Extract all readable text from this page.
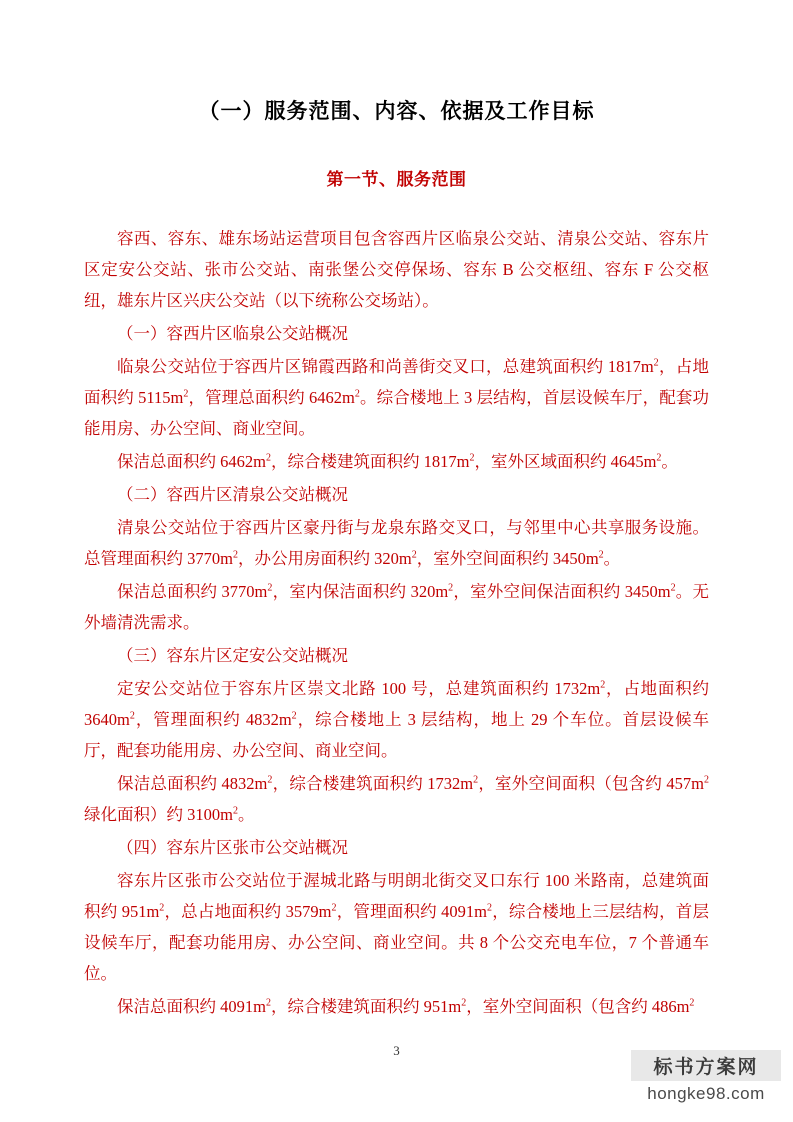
（一）服务范围、内容、依据及工作目标
第一节、服务范围

容西、容东、雄东场站运营项目包含容西片区临泉公交站、清泉公交站、容东片区定安公交站、张市公交站、南张堡公交停保场、容东 B 公交枢纽、容东 F 公交枢纽，雄东片区兴庆公交站（以下统称公交场站）。

（一）容西片区临泉公交站概况

临泉公交站位于容西片区锦霞西路和尚善街交叉口，总建筑面积约 $1817m^2$，占地面积约 $5115m^2$，管理总面积约 $6462m^2$。综合楼地上 3 层结构，首层设候车厅，配套功能用房、办公空间、商业空间。

保洁总面积约 $6462m^2$，综合楼建筑面积约 $1817m^2$，室外区域面积约 $4645m^2$。

（二）容西片区清泉公交站概况

清泉公交站位于容西片区豪丹街与龙泉东路交叉口，与邻里中心共享服务设施。总管理面积约 $3770m^2$，办公用房面积约 $320m^2$，室外空间面积约 $3450m^2$。

保洁总面积约 $3770m^2$，室内保洁面积约 $320m^2$，室外空间保洁面积约 $3450m^2$。无外墙清洗需求。

（三）容东片区定安公交站概况

定安公交站位于容东片区崇文北路 100 号，总建筑面积约 $1732m^2$，占地面积约 $3640m^2$，管理面积约 $4832m^2$，综合楼地上 3 层结构，地上 29 个车位。首层设候车厅，配套功能用房、办公空间、商业空间。

保洁总面积约 $4832m^2$，综合楼建筑面积约 $1732m^2$，室外空间面积（包含约 $457m^2$ 绿化面积）约 $3100m^2$。

（四）容东片区张市公交站概况

容东片区张市公交站位于渥城北路与明朗北街交叉口东行 100 米路南，总建筑面积约 $951m^2$，总占地面积约 $3579m^2$，管理面积约 $4091m^2$，综合楼地上三层结构，首层设候车厅，配套功能用房、办公空间、商业空间。共 8 个公交充电车位，7 个普通车位。

保洁总面积约 $4091m^2$，综合楼建筑面积约 $951m^2$，室外空间面积（包含约 $486m^2$

3
标书方案网
hongke98.com
